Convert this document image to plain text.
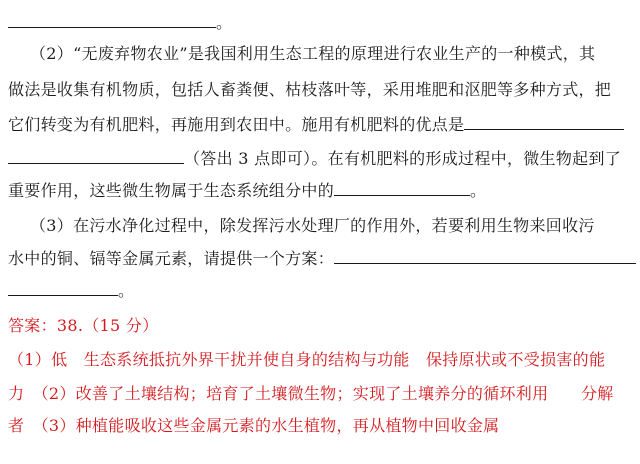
。
（2）“无废弃物农业”是我国利用生态工程的原理进行农业生产的一种模式，其
做法是收集有机物质，包括人畜粪便、枯枝落叶等，采用堆肥和沤肥等多种方式，把
它们转变为有机肥料，再施用到农田中。施用有机肥料的优点是
（答出 3 点即可）。在有机肥料的形成过程中，微生物起到了
重要作用，这些微生物属于生态系统组分中的	。
（3）在污水净化过程中，除发挥污水处理厂的作用外，若要利用生物来回收污
水中的铜、镉等金属元素，请提供一个方案：
。
答案：38.（15 分）
（1）低　生态系统抵抗外界干扰并使自身的结构与功能　保持原状或不受损害的能
力　（2）改善了土壤结构；培育了土壤微生物；实现了土壤养分的循环利用　　分解
者　（3）种植能吸收这些金属元素的水生植物，再从植物中回收金属
